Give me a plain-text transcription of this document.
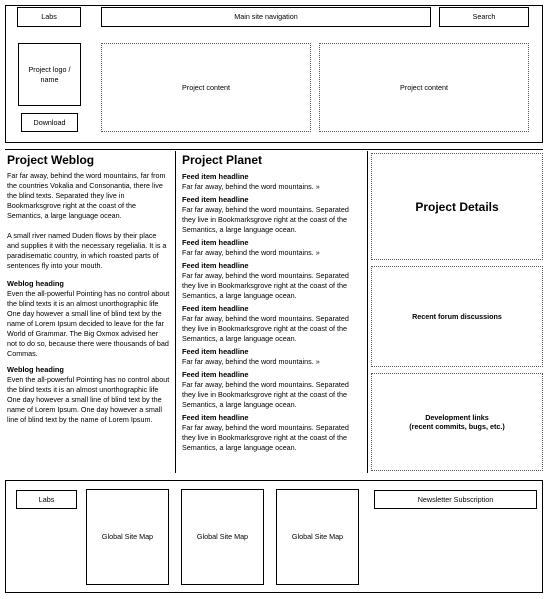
Labs	Main site navigation	Search
Project logo / name
Download
Project content	Project content

Project Weblog

Far far away, behind the word mountains, far from the countries Vokalia and Consonantia, there live the blind texts. Separated they live in Bookmarksgrove right at the coast of the Semantics, a large language ocean.

A small river named Duden flows by their place and supplies it with the necessary regelialia. It is a paradisematic country, in which roasted parts of sentences fly into your mouth.

Weblog heading

Even the all-powerful Pointing has no control about the blind texts it is an almost unorthographic life One day however a small line of blind text by the name of Lorem Ipsum decided to leave for the far World of Grammar. The Big Oxmox advised her not to do so, because there were thousands of bad Commas.

Weblog heading

Even the all-powerful Pointing has no control about the blind texts it is an almost unorthographic life One day however a small line of blind text by the name of Lorem Ipsum. One day however a small line of blind text by the name of Lorem Ipsum.

Project Planet

Feed item headline

Far far away, behind the word mountains. »

Feed item headline

Far far away, behind the word mountains. Separated they live in Bookmarksgrove right at the coast of the Semantics, a large language ocean.

Feed item headline

Far far away, behind the word mountains. »

Feed item headline

Far far away, behind the word mountains. Separated they live in Bookmarksgrove right at the coast of the Semantics, a large language ocean.

Feed item headline

Far far away, behind the word mountains. Separated they live in Bookmarksgrove right at the coast of the Semantics, a large language ocean.

Feed item headline

Far far away, behind the word mountains. »

Feed item headline

Far far away, behind the word mountains. Separated they live in Bookmarksgrove right at the coast of the Semantics, a large language ocean.

Feed item headline

Far far away, behind the word mountains. Separated they live in Bookmarksgrove right at the coast of the Semantics, a large language ocean.

Project Details
Recent forum discussions
Development links
(recent commits, bugs, etc.)
Labs
Global Site Map	Global Site Map	Global Site Map
Newsletter Subscription
